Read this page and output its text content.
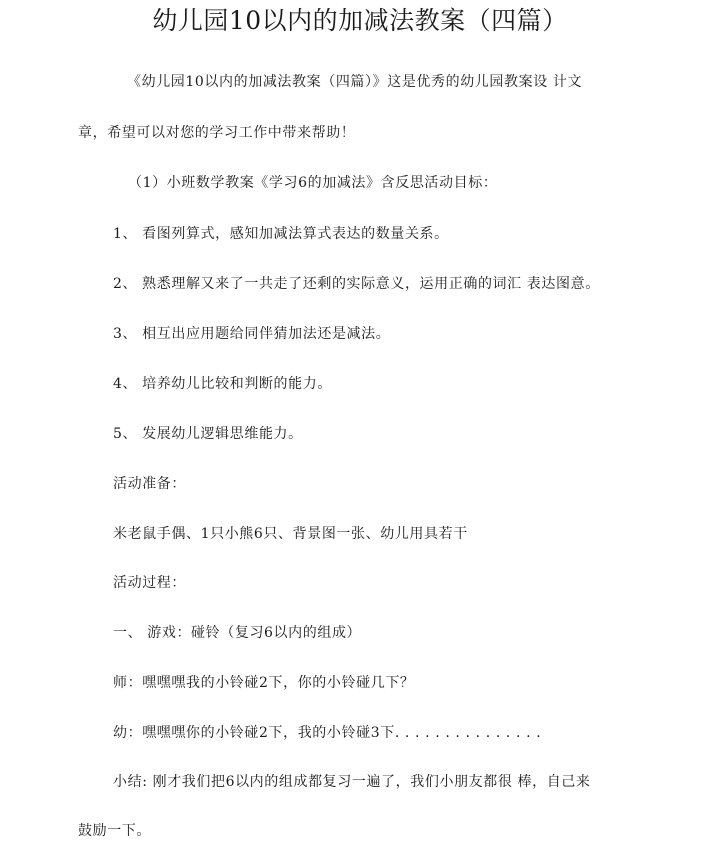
幼儿园10以内的加减法教案（四篇）

《幼儿园10以内的加减法教案（四篇）》这是优秀的幼儿园教案设 计文

章，希望可以对您的学习工作中带来帮助！

（1）小班数学教案《学习6的加减法》含反思活动目标：

1、 看图列算式，感知加减法算式表达的数量关系。

2、 熟悉理解又来了一共走了还剩的实际意义，运用正确的词汇 表达图意。

3、 相互出应用题给同伴猜加法还是减法。

4、 培养幼儿比较和判断的能力。

5、 发展幼儿逻辑思维能力。

活动准备：

米老鼠手偶、1只小熊6只、背景图一张、幼儿用具若干

活动过程：

一、 游戏：碰铃（复习6以内的组成）

师：嘿嘿嘿我的小铃碰2下，你的小铃碰几下？

幼：嘿嘿嘿你的小铃碰2下，我的小铃碰3下. . . . . . . . . . . . . . .

小结: 刚才我们把6以内的组成都复习一遍了，我们小朋友都很 棒，自己来

鼓励一下。
